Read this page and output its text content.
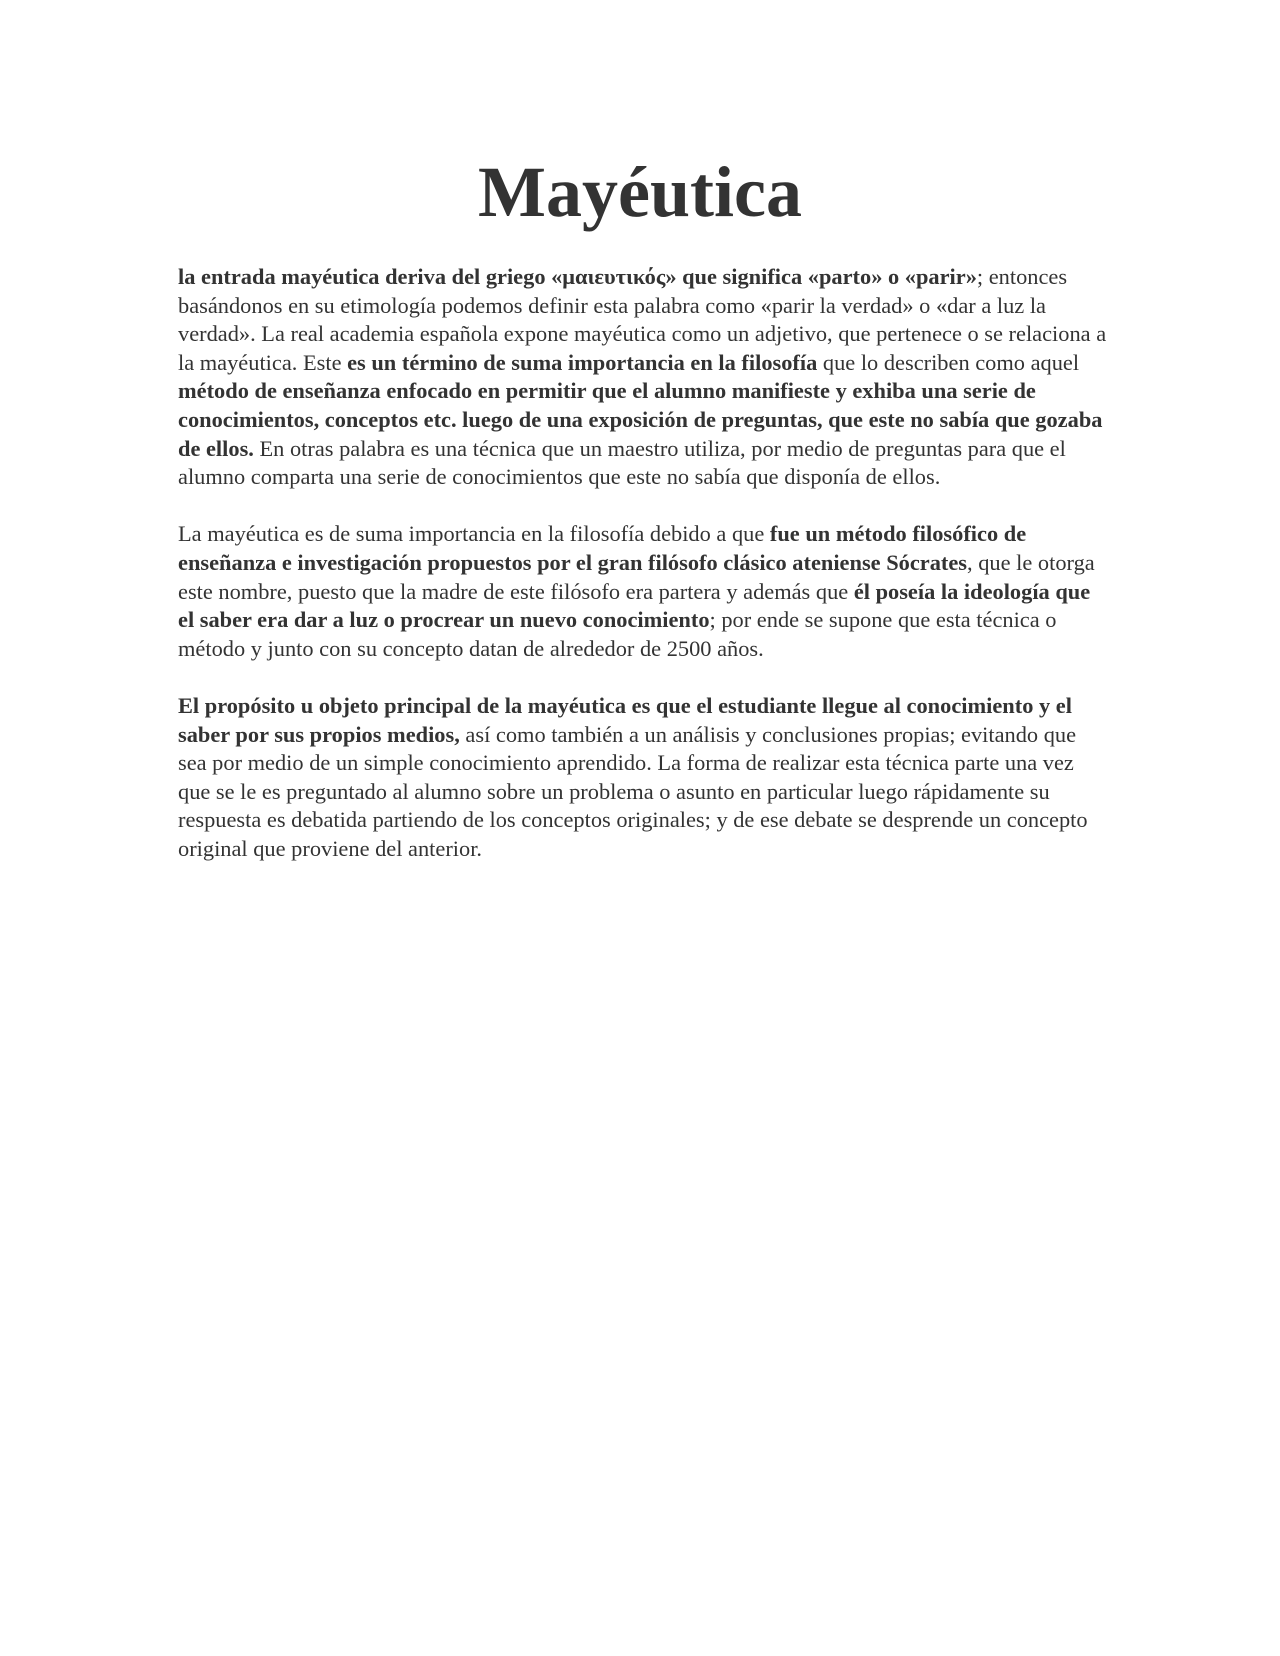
Mayéutica

la entrada mayéutica deriva del griego «μαιευτικός» que significa «parto» o «parir»; entonces basándonos en su etimología podemos definir esta palabra como «parir la verdad» o «dar a luz la verdad». La real academia española expone mayéutica como un adjetivo, que pertenece o se relaciona a la mayéutica. Este es un término de suma importancia en la filosofía que lo describen como aquel método de enseñanza enfocado en permitir que el alumno manifieste y exhiba una serie de conocimientos, conceptos etc. luego de una exposición de preguntas, que este no sabía que gozaba de ellos. En otras palabra es una técnica que un maestro utiliza, por medio de preguntas para que el alumno comparta una serie de conocimientos que este no sabía que disponía de ellos.

La mayéutica es de suma importancia en la filosofía debido a que fue un método filosófico de enseñanza e investigación propuestos por el gran filósofo clásico ateniense Sócrates, que le otorga este nombre, puesto que la madre de este filósofo era partera y además que él poseía la ideología que el saber era dar a luz o procrear un nuevo conocimiento; por ende se supone que esta técnica o método y junto con su concepto datan de alrededor de 2500 años.

El propósito u objeto principal de la mayéutica es que el estudiante llegue al conocimiento y el saber por sus propios medios, así como también a un análisis y conclusiones propias; evitando que sea por medio de un simple conocimiento aprendido. La forma de realizar esta técnica parte una vez que se le es preguntado al alumno sobre un problema o asunto en particular luego rápidamente su respuesta es debatida partiendo de los conceptos originales; y de ese debate se desprende un concepto original que proviene del anterior.
